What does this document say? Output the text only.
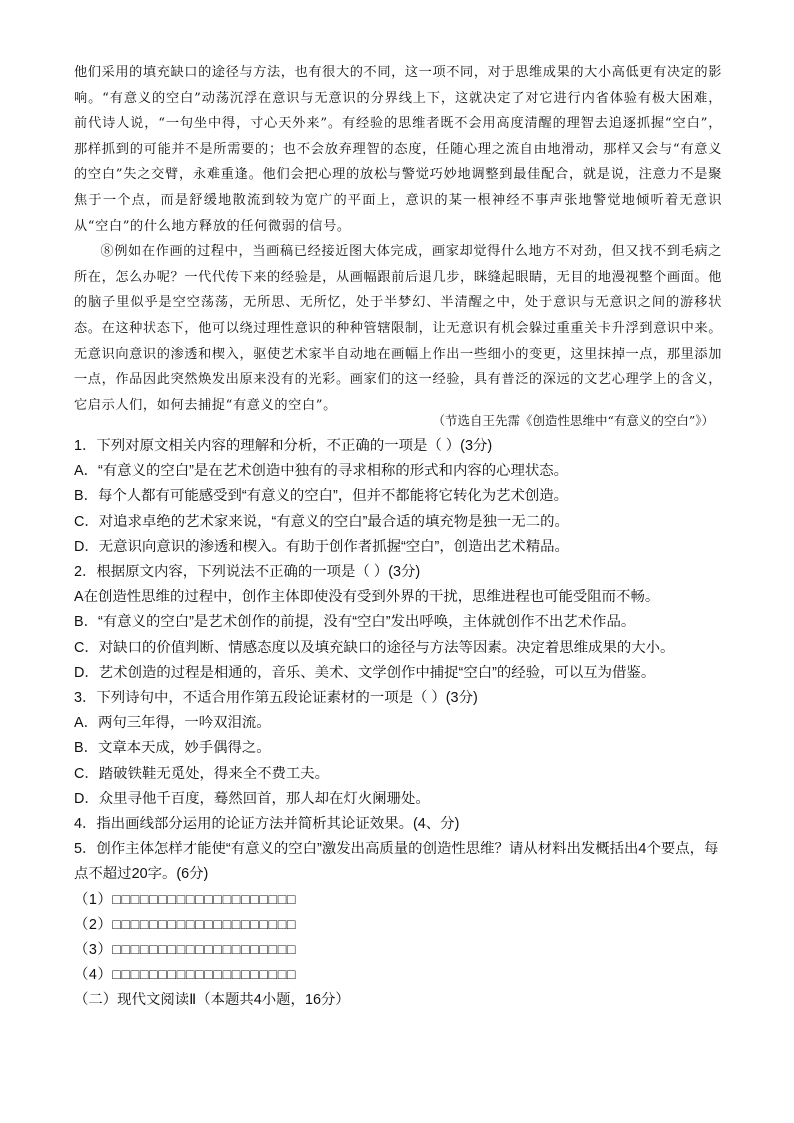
他们采用的填充缺口的途径与方法，也有很大的不同，这一项不同，对于思维成果的大小高低更有决定的影响。“有意义的空白”动荡沉浮在意识与无意识的分界线上下，这就决定了对它进行内省体验有极大困难，前代诗人说，“一句坐中得，寸心天外来”。有经验的思维者既不会用高度清醒的理智去追逐抓握“空白”，那样抓到的可能并不是所需要的；也不会放弃理智的态度，任随心理之流自由地滑动，那样又会与“有意义的空白”失之交臂，永难重逢。他们会把心理的放松与警觉巧妙地调整到最佳配合，就是说，注意力不是聚焦于一个点，而是舒缓地散流到较为宽广的平面上，意识的某一根神经不事声张地警觉地倾听着无意识从“空白”的什么地方释放的任何微弱的信号。

⑧例如在作画的过程中，当画稿已经接近图大体完成，画家却觉得什么地方不对劲，但又找不到毛病之所在，怎么办呢？一代代传下来的经验是，从画幅跟前后退几步，眯缝起眼睛，无目的地漫视整个画面。他的脑子里似乎是空空荡荡，无所思、无所忆，处于半梦幻、半清醒之中，处于意识与无意识之间的游移状态。在这种状态下，他可以绕过理性意识的种种管辖限制，让无意识有机会躲过重重关卡升浮到意识中来。无意识向意识的渗透和楔入，驱使艺术家半自动地在画幅上作出一些细小的变更，这里抹掉一点，那里添加一点，作品因此突然焕发出原来没有的光彩。画家们的这一经验，具有普泛的深远的文艺心理学上的含义，它启示人们，如何去捕捉“有意义的空白”。

（节选自王先霈《创造性思维中“有意义的空白”》）
1．下列对原文相关内容的理解和分析，不正确的一项是（ ）(3分)
A．“有意义的空白”是在艺术创造中独有的寻求相称的形式和内容的心理状态。
B．每个人都有可能感受到“有意义的空白”，但并不都能将它转化为艺术创造。
C．对追求卓绝的艺术家来说，“有意义的空白”最合适的填充物是独一无二的。
D．无意识向意识的渗透和楔入。有助于创作者抓握“空白”，创造出艺术精品。
2．根据原文内容，下列说法不正确的一项是（ ）(3分)
A在创造性思维的过程中，创作主体即使没有受到外界的干扰，思维进程也可能受阻而不畅。
B．“有意义的空白”是艺术创作的前提，没有“空白”发出呼唤，主体就创作不出艺术作品。
C．对缺口的价值判断、情感态度以及填充缺口的途径与方法等因素。决定着思维成果的大小。
D．艺术创造的过程是相通的，音乐、美术、文学创作中捕捉“空白”的经验，可以互为借鉴。
3．下列诗句中，不适合用作第五段论证素材的一项是（ ）(3分)
A．两句三年得，一吟双泪流。
B．文章本天成，妙手偶得之。
C．踏破铁鞋无觅处，得来全不费工夫。
D．众里寻他千百度，蓦然回首，那人却在灯火阑珊处。
4．指出画线部分运用的论证方法并简析其论证效果。(4、分)
5．创作主体怎样才能使“有意义的空白”激发出高质量的创造性思维？请从材料出发概括出4个要点，每点不超过20字。(6分)
（1）□□□□□□□□□□□□□□□□□□□□
（2）□□□□□□□□□□□□□□□□□□□□
（3）□□□□□□□□□□□□□□□□□□□□
（4）□□□□□□□□□□□□□□□□□□□□
（二）现代文阅读Ⅱ（本题共4小题，16分）
